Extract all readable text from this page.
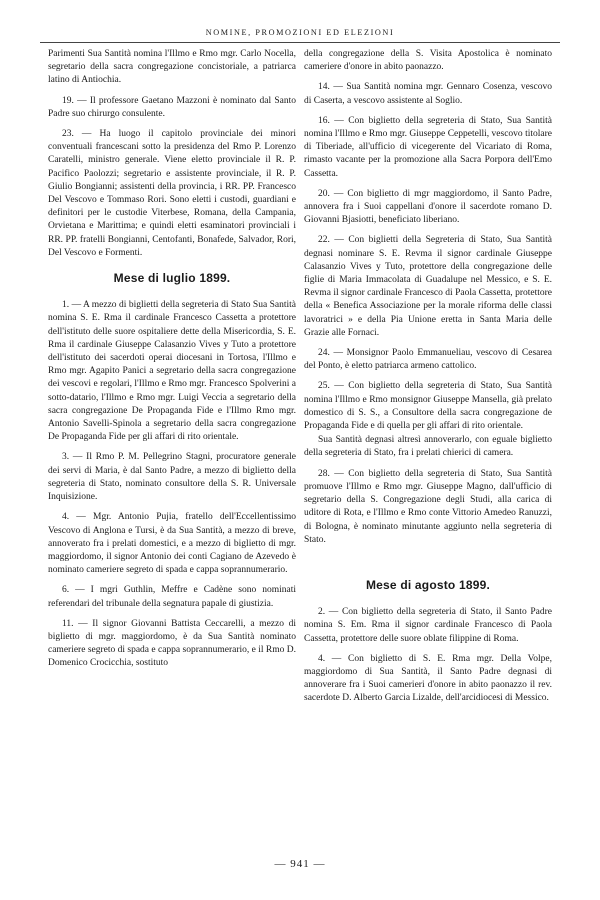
NOMINE, PROMOZIONI ED ELEZIONI

Parimenti Sua Santità nomina l'Illmo e Rmo mgr. Carlo Nocella, segretario della sacra congregazione concistoriale, a patriarca latino di Antiochia.

19. — Il professore Gaetano Mazzoni è nominato dal Santo Padre suo chirurgo consulente.

23. — Ha luogo il capitolo provinciale dei minori conventuali francescani sotto la presidenza del Rmo P. Lorenzo Caratelli, ministro generale. Viene eletto provinciale il R. P. Pacifico Paolozzi; segretario e assistente provinciale, il R. P. Giulio Bongianni; assistenti della provincia, i RR. PP. Francesco Del Vescovo e Tommaso Rori. Sono eletti i custodi, guardiani e definitori per le custodie Viterbese, Romana, della Campania, Orvietana e Marittima; e quindi eletti esaminatori provinciali i RR. PP. fratelli Bongianni, Centofanti, Bonafede, Salvador, Rori, Del Vescovo e Formenti.

Mese di luglio 1899.

1. — A mezzo di biglietti della segreteria di Stato Sua Santità nomina S. E. Rma il cardinale Francesco Cassetta a protettore dell'istituto delle suore ospitaliere dette della Misericordia, S. E. Rma il cardinale Giuseppe Calasanzio Vives y Tuto a protettore dell'istituto dei sacerdoti operai diocesani in Tortosa, l'Illmo e Rmo mgr. Agapito Panici a segretario della sacra congregazione dei vescovi e regolari, l'Illmo e Rmo mgr. Francesco Spolverini a sotto-datario, l'Illmo e Rmo mgr. Luigi Veccia a segretario della sacra congregazione De Propaganda Fide e l'Illmo Rmo mgr. Antonio Savelli-Spinola a segretario della sacra congregazione De Propaganda Fide per gli affari di rito orientale.

3. — Il Rmo P. M. Pellegrino Stagni, procuratore generale dei servi di Maria, è dal Santo Padre, a mezzo di biglietto della segreteria di Stato, nominato consultore della S. R. Universale Inquisizione.

4. — Mgr. Antonio Pujia, fratello dell'Eccellentissimo Vescovo di Anglona e Tursi, è da Sua Santità, a mezzo di breve, annoverato fra i prelati domestici, e a mezzo di biglietto di mgr. maggiordomo, il signor Antonio dei conti Cagiano de Azevedo è nominato cameriere segreto di spada e cappa soprannumerario.

6. — I mgri Guthlin, Meffre e Cadène sono nominati referendari del tribunale della segnatura papale di giustizia.

11. — Il signor Giovanni Battista Ceccarelli, a mezzo di biglietto di mgr. maggiordomo, è da Sua Santità nominato cameriere segreto di spada e cappa soprannumerario, e il Rmo D. Domenico Crocicchia, sostituto

della congregazione della S. Visita Apostolica è nominato cameriere d'onore in abito paonazzo.

14. — Sua Santità nomina mgr. Gennaro Cosenza, vescovo di Caserta, a vescovo assistente al Soglio.

16. — Con biglietto della segreteria di Stato, Sua Santità nomina l'Illmo e Rmo mgr. Giuseppe Ceppetelli, vescovo titolare di Tiberiade, all'ufficio di vicegerente del Vicariato di Roma, rimasto vacante per la promozione alla Sacra Porpora dell'Emo Cassetta.

20. — Con biglietto di mgr maggiordomo, il Santo Padre, annovera fra i Suoi cappellani d'onore il sacerdote romano D. Giovanni Bjasiotti, beneficiato liberiano.

22. — Con biglietti della Segreteria di Stato, Sua Santità degnasi nominare S. E. Revma il signor cardinale Giuseppe Calasanzio Vives y Tuto, protettore della congregazione delle figlie di Maria Immacolata di Guadalupe nel Messico, e S. E. Revma il signor cardinale Francesco di Paola Cassetta, protettore della « Benefica Associazione per la morale riforma delle classi lavoratrici » e della Pia Unione eretta in Santa Maria delle Grazie alle Fornaci.

24. — Monsignor Paolo Emmanueliau, vescovo di Cesarea del Ponto, è eletto patriarca armeno cattolico.

25. — Con biglietto della segreteria di Stato, Sua Santità nomina l'Illmo e Rmo monsignor Giuseppe Mansella, già prelato domestico di S. S., a Consultore della sacra congregazione de Propaganda Fide e di quella per gli affari di rito orientale.

Sua Santità degnasi altresì annoverarlo, con eguale biglietto della segreteria di Stato, fra i prelati chierici di camera.

28. — Con biglietto della segreteria di Stato, Sua Santità promuove l'Illmo e Rmo mgr. Giuseppe Magno, dall'ufficio di segretario della S. Congregazione degli Studi, alla carica di uditore di Rota, e l'Illmo e Rmo conte Vittorio Amedeo Ranuzzi, di Bologna, è nominato minutante aggiunto nella segreteria di Stato.

Mese di agosto 1899.

2. — Con biglietto della segreteria di Stato, il Santo Padre nomina S. Em. Rma il signor cardinale Francesco di Paola Cassetta, protettore delle suore oblate filippine di Roma.

4. — Con biglietto di S. E. Rma mgr. Della Volpe, maggiordomo di Sua Santità, il Santo Padre degnasi di annoverare fra i Suoi camerieri d'onore in abito paonazzo il rev. sacerdote D. Alberto Garcia Lizalde, dell'arcidiocesi di Messico.

— 941 —
